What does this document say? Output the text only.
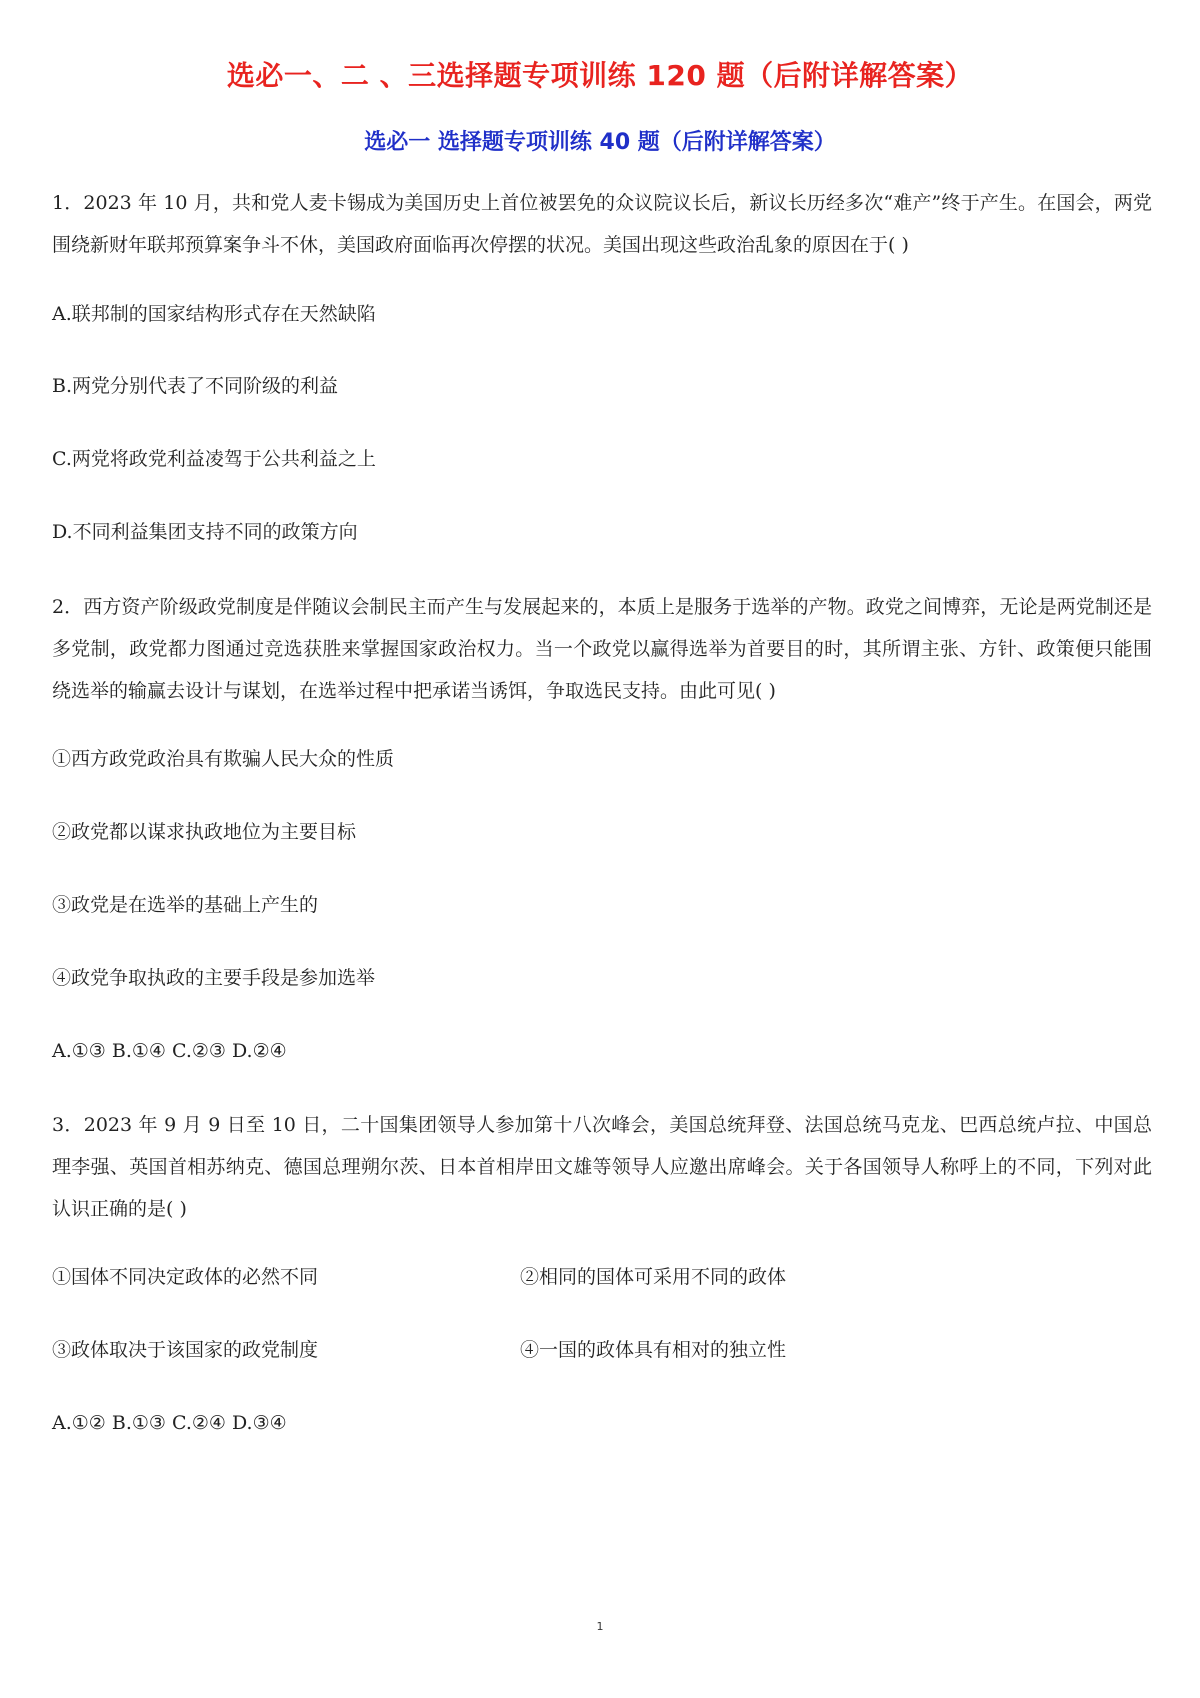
选必一、二 、三选择题专项训练 120 题（后附详解答案）
选必一 选择题专项训练 40 题（后附详解答案）
1．2023 年 10 月，共和党人麦卡锡成为美国历史上首位被罢免的众议院议长后，新议长历经多次“难产”终于产生。在国会，两党围绕新财年联邦预算案争斗不休，美国政府面临再次停摆的状况。美国出现这些政治乱象的原因在于( )
A.联邦制的国家结构形式存在天然缺陷
B.两党分别代表了不同阶级的利益
C.两党将政党利益凌驾于公共利益之上
D.不同利益集团支持不同的政策方向
2．西方资产阶级政党制度是伴随议会制民主而产生与发展起来的，本质上是服务于选举的产物。政党之间博弈，无论是两党制还是多党制，政党都力图通过竞选获胜来掌握国家政治权力。当一个政党以赢得选举为首要目的时，其所谓主张、方针、政策便只能围绕选举的输赢去设计与谋划，在选举过程中把承诺当诱饵，争取选民支持。由此可见( )
①西方政党政治具有欺骗人民大众的性质
②政党都以谋求执政地位为主要目标
③政党是在选举的基础上产生的
④政党争取执政的主要手段是参加选举
A.①③ B.①④ C.②③ D.②④
3．2023 年 9 月 9 日至 10 日，二十国集团领导人参加第十八次峰会，美国总统拜登、法国总统马克龙、巴西总统卢拉、中国总理李强、英国首相苏纳克、德国总理朔尔茨、日本首相岸田文雄等领导人应邀出席峰会。关于各国领导人称呼上的不同，下列对此认识正确的是( )
①国体不同决定政体的必然不同	②相同的国体可采用不同的政体
③政体取决于该国家的政党制度	④一国的政体具有相对的独立性
A.①② B.①③ C.②④ D.③④
1
